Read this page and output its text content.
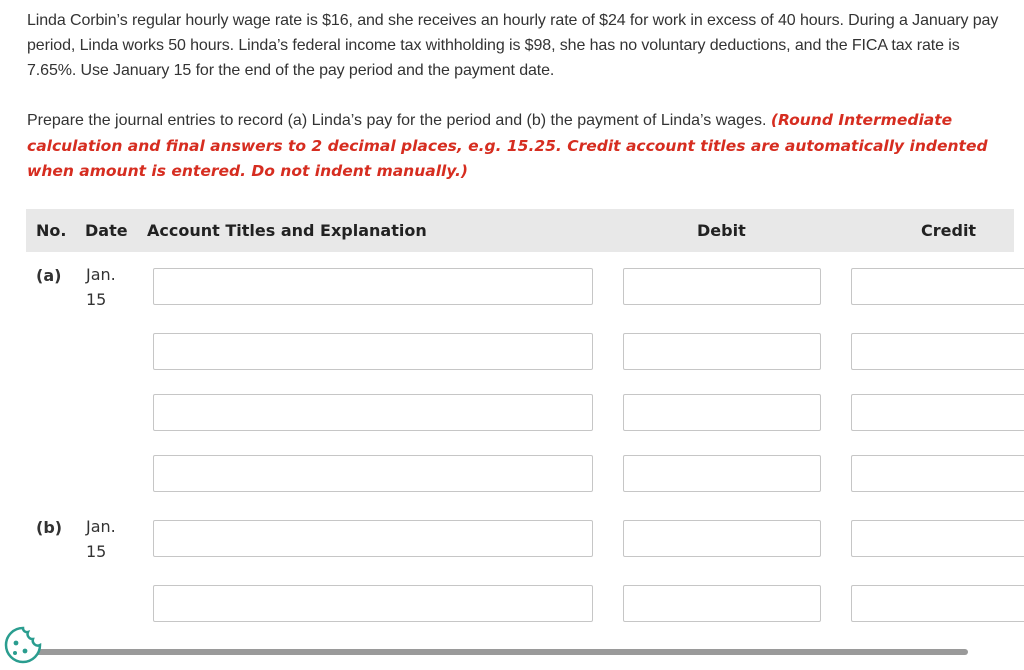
Linda Corbin’s regular hourly wage rate is $16, and she receives an hourly rate of $24 for work in excess of 40 hours. During a January pay period, Linda works 50 hours. Linda’s federal income tax withholding is $98, she has no voluntary deductions, and the FICA tax rate is 7.65%. Use January 15 for the end of the pay period and the payment date.
Prepare the journal entries to record (a) Linda’s pay for the period and (b) the payment of Linda’s wages. (Round Intermediate calculation and final answers to 2 decimal places, e.g. 15.25. Credit account titles are automatically indented when amount is entered. Do not indent manually.)
No. Date Account Titles and Explanation	Debit	Credit
(a) Jan. 15
(b) Jan. 15
